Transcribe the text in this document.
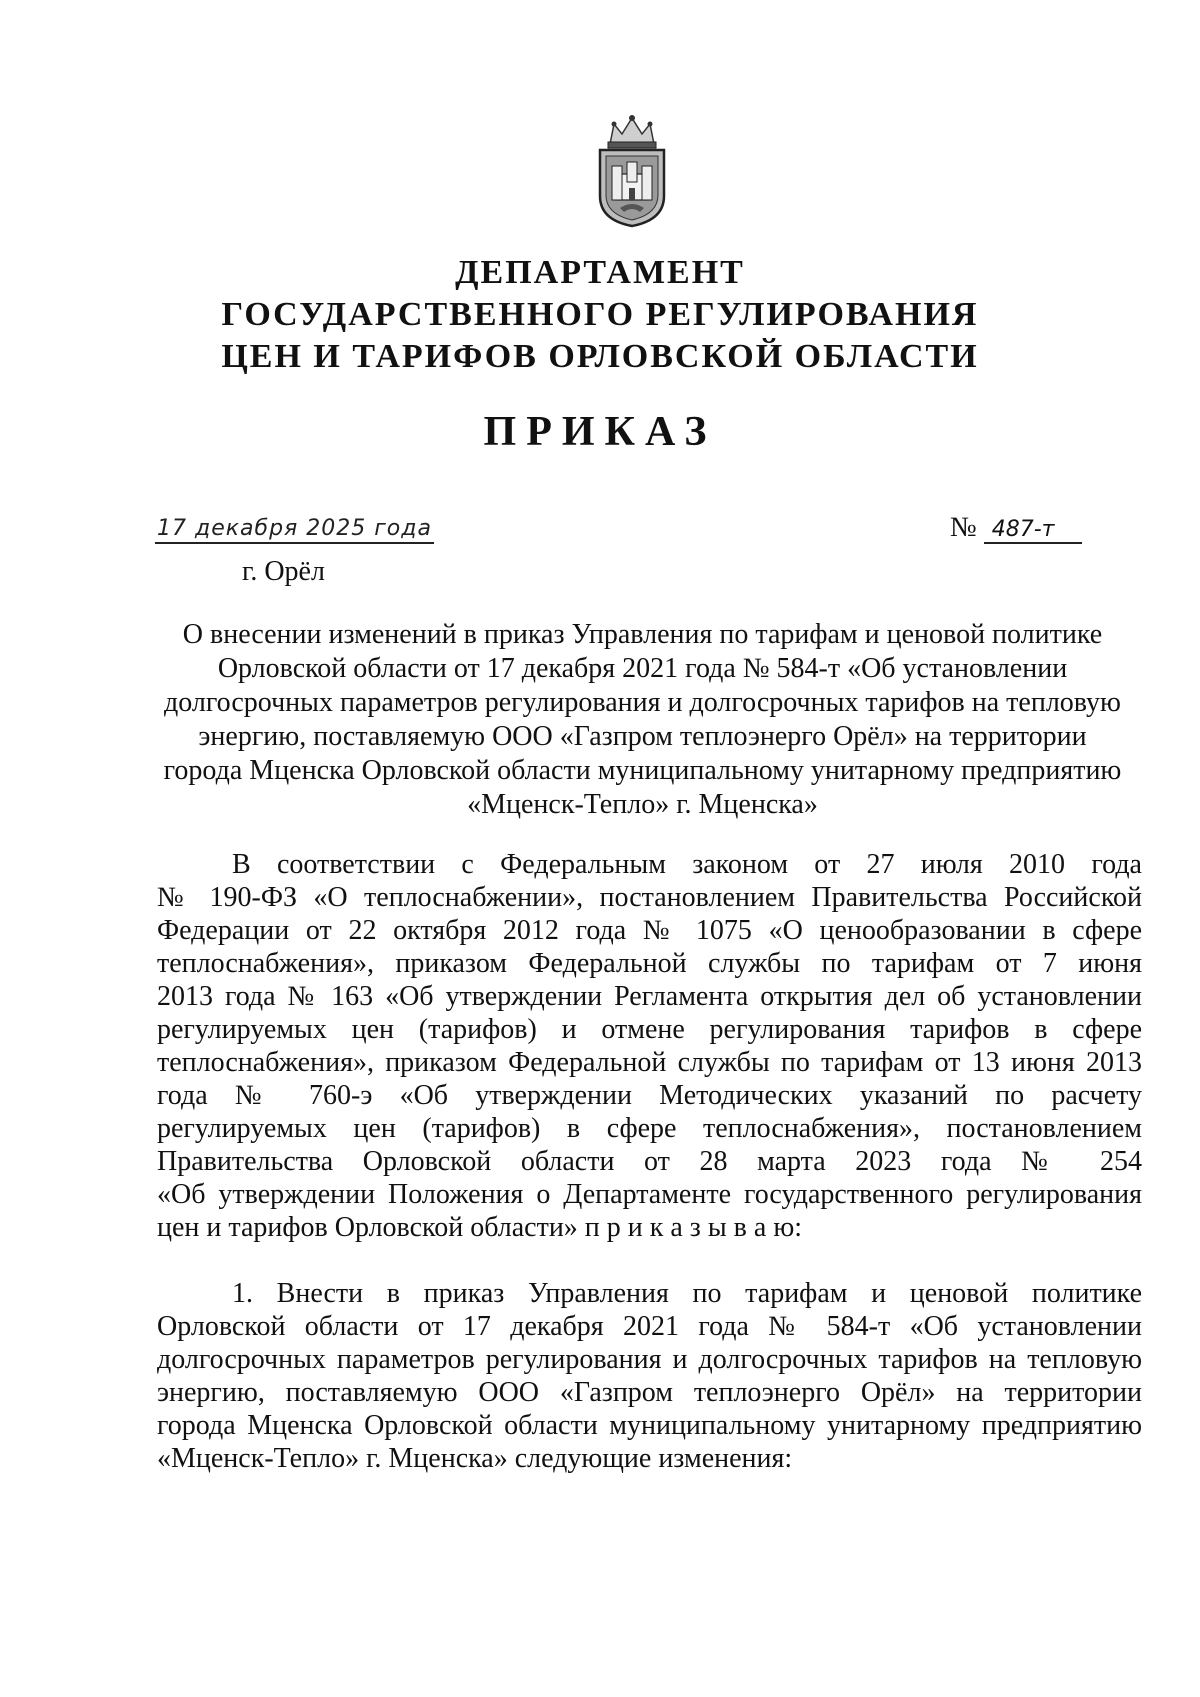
ДЕПАРТАМЕНТ
ГОСУДАРСТВЕННОГО РЕГУЛИРОВАНИЯ
ЦЕН И ТАРИФОВ ОРЛОВСКОЙ ОБЛАСТИ
ПРИКАЗ
17 декабря 2025 года	№ 487-т
г. Орёл
О внесении изменений в приказ Управления по тарифам и ценовой политике
Орловской области от 17 декабря 2021 года № 584-т «Об установлении
долгосрочных параметров регулирования и долгосрочных тарифов на тепловую
энергию, поставляемую ООО «Газпром теплоэнерго Орёл» на территории
города Мценска Орловской области муниципальному унитарному предприятию
«Мценск-Тепло» г. Мценска»
В соответствии с Федеральным законом от 27 июля 2010 года
№ 190-ФЗ «О теплоснабжении», постановлением Правительства Российской
Федерации от 22 октября 2012 года № 1075 «О ценообразовании в сфере
теплоснабжения», приказом Федеральной службы по тарифам от 7 июня
2013 года № 163 «Об утверждении Регламента открытия дел об установлении
регулируемых цен (тарифов) и отмене регулирования тарифов в сфере
теплоснабжения», приказом Федеральной службы по тарифам от 13 июня 2013
года № 760-э «Об утверждении Методических указаний по расчету
регулируемых цен (тарифов) в сфере теплоснабжения», постановлением
Правительства Орловской области от 28 марта 2023 года № 254
«Об утверждении Положения о Департаменте государственного регулирования
цен и тарифов Орловской области» п р и к а з ы в а ю:
1. Внести в приказ Управления по тарифам и ценовой политике
Орловской области от 17 декабря 2021 года № 584-т «Об установлении
долгосрочных параметров регулирования и долгосрочных тарифов на тепловую
энергию, поставляемую ООО «Газпром теплоэнерго Орёл» на территории
города Мценска Орловской области муниципальному унитарному предприятию
«Мценск-Тепло» г. Мценска» следующие изменения:
